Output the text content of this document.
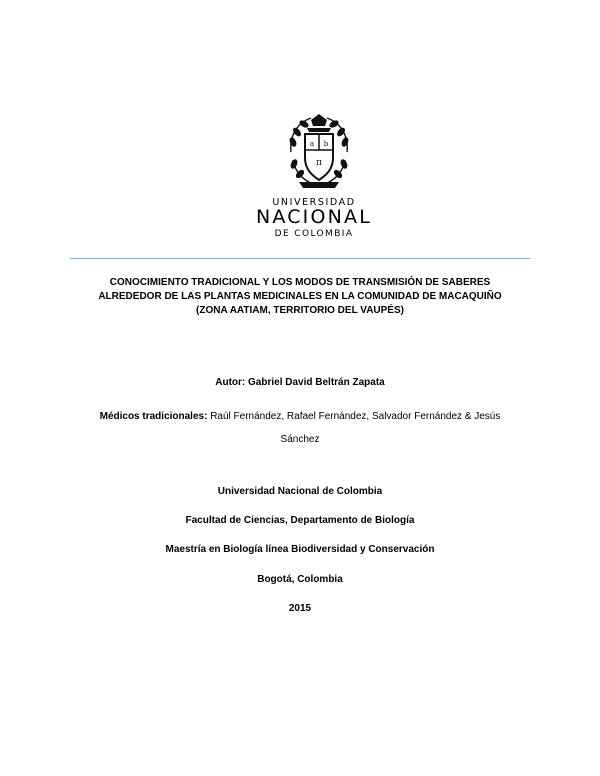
a b
π
UNIVERSIDAD
NACIONAL
DE COLOMBIA
CONOCIMIENTO TRADICIONAL Y LOS MODOS DE TRANSMISIÓN DE SABERES
ALREDEDOR DE LAS PLANTAS MEDICINALES EN LA COMUNIDAD DE MACAQUIÑO
(ZONA AATIAM, TERRITORIO DEL VAUPÉS)
Autor: Gabriel David Beltrán Zapata
Médicos tradicionales: Raúl Fernández, Rafael Fernández, Salvador Fernández & Jesús Sánchez
Universidad Nacional de Colombia
Facultad de Ciencias, Departamento de Biología
Maestría en Biología línea Biodiversidad y Conservación
Bogotá, Colombia
2015
